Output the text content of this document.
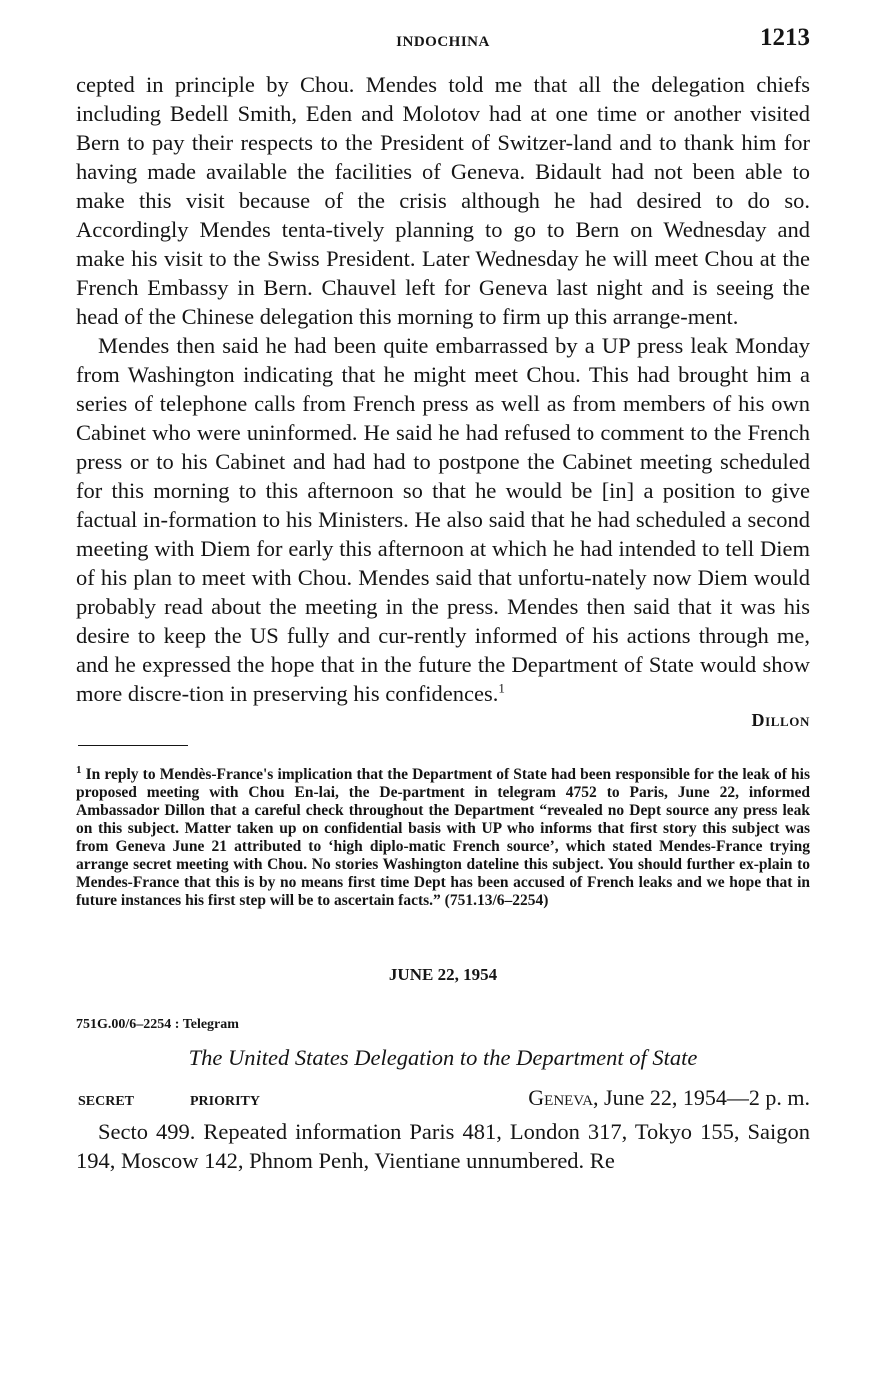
INDOCHINA	1213

cepted in principle by Chou. Mendes told me that all the delegation chiefs including Bedell Smith, Eden and Molotov had at one time or another visited Bern to pay their respects to the President of Switzer-land and to thank him for having made available the facilities of Geneva. Bidault had not been able to make this visit because of the crisis although he had desired to do so. Accordingly Mendes tenta-tively planning to go to Bern on Wednesday and make his visit to the Swiss President. Later Wednesday he will meet Chou at the French Embassy in Bern. Chauvel left for Geneva last night and is seeing the head of the Chinese delegation this morning to firm up this arrange-ment.

Mendes then said he had been quite embarrassed by a UP press leak Monday from Washington indicating that he might meet Chou. This had brought him a series of telephone calls from French press as well as from members of his own Cabinet who were uninformed. He said he had refused to comment to the French press or to his Cabinet and had had to postpone the Cabinet meeting scheduled for this morning to this afternoon so that he would be [in] a position to give factual in-formation to his Ministers. He also said that he had scheduled a second meeting with Diem for early this afternoon at which he had intended to tell Diem of his plan to meet with Chou. Mendes said that unfortu-nately now Diem would probably read about the meeting in the press. Mendes then said that it was his desire to keep the US fully and cur-rently informed of his actions through me, and he expressed the hope that in the future the Department of State would show more discre-tion in preserving his confidences.$^1$

Dillon

$^1$ In reply to Mendès-France's implication that the Department of State had been responsible for the leak of his proposed meeting with Chou En-lai, the De-partment in telegram 4752 to Paris, June 22, informed Ambassador Dillon that a careful check throughout the Department “revealed no Dept source any press leak on this subject. Matter taken up on confidential basis with UP who informs that first story this subject was from Geneva June 21 attributed to ‘high diplo-matic French source’, which stated Mendes-France trying arrange secret meeting with Chou. No stories Washington dateline this subject. You should further ex-plain to Mendes-France that this is by no means first time Dept has been accused of French leaks and we hope that in future instances his first step will be to ascertain facts.” (751.13/6–2254)

JUNE 22, 1954
751G.00/6–2254 : Telegram
The United States Delegation to the Department of State
SECRET	PRIORITY	Geneva, June 22, 1954—2 p. m.

Secto 499. Repeated information Paris 481, London 317, Tokyo 155, Saigon 194, Moscow 142, Phnom Penh, Vientiane unnumbered. Re
